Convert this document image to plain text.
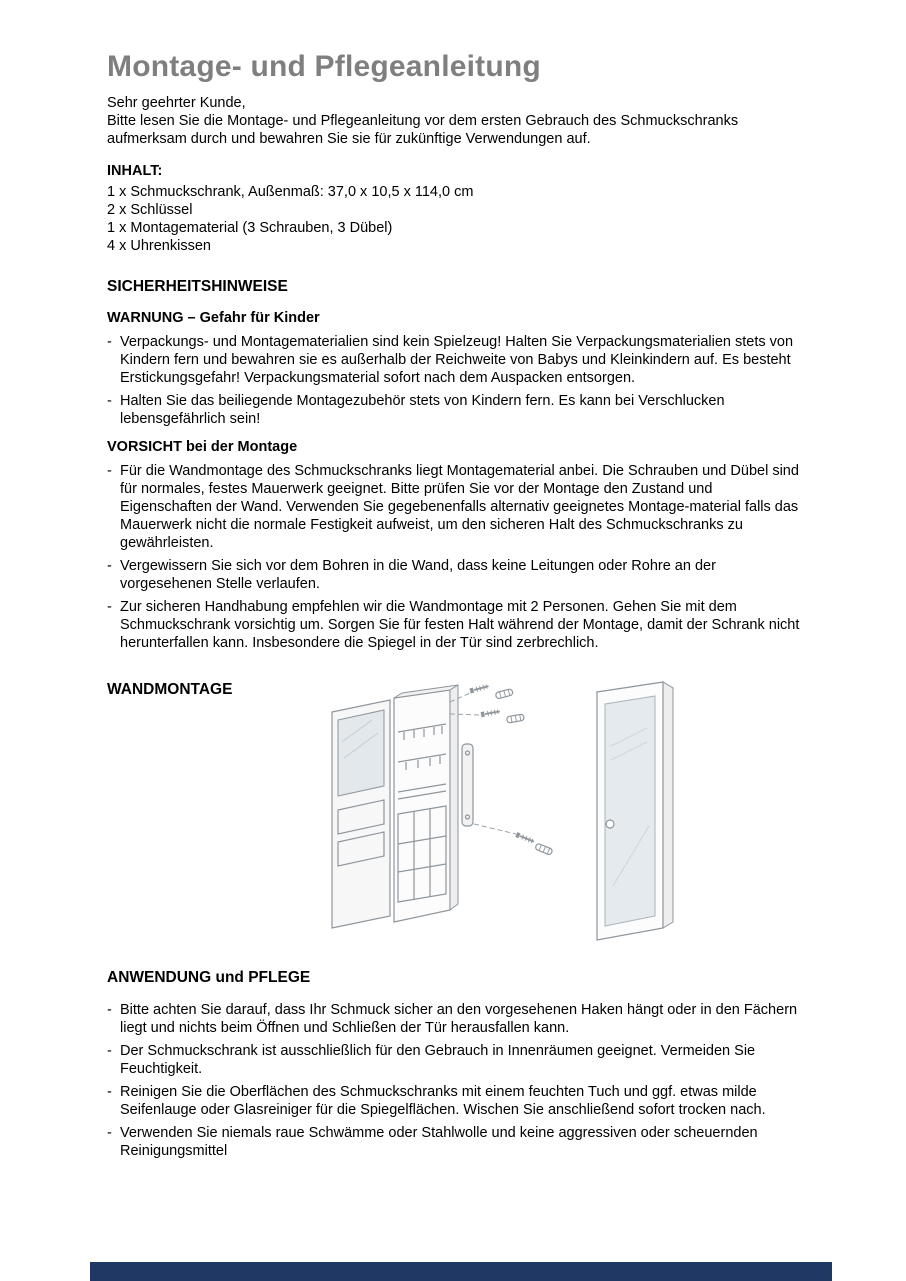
Montage- und Pflegeanleitung
Sehr geehrter Kunde,
Bitte lesen Sie die Montage- und Pflegeanleitung vor dem ersten Gebrauch des Schmuckschranks aufmerksam durch und bewahren Sie sie für zukünftige Verwendungen auf.
INHALT:
1 x Schmuckschrank, Außenmaß: 37,0 x 10,5 x 114,0 cm
2 x Schlüssel
1 x Montagematerial (3 Schrauben, 3 Dübel)
4 x Uhrenkissen
SICHERHEITSHINWEISE
WARNUNG – Gefahr für Kinder
- Verpackungs- und Montagematerialien sind kein Spielzeug! Halten Sie Verpackungsmaterialien stets von Kindern fern und bewahren sie es außerhalb der Reichweite von Babys und Kleinkindern auf. Es besteht Erstickungsgefahr! Verpackungsmaterial sofort nach dem Auspacken entsorgen.
- Halten Sie das beiliegende Montagezubehör stets von Kindern fern. Es kann bei Verschlucken lebensgefährlich sein!
VORSICHT bei der Montage
- Für die Wandmontage des Schmuckschranks liegt Montagematerial anbei. Die Schrauben und Dübel sind für normales, festes Mauerwerk geeignet. Bitte prüfen Sie vor der Montage den Zustand und Eigenschaften der Wand. Verwenden Sie gegebenenfalls alternativ geeignetes Montage-material falls das Mauerwerk nicht die normale Festigkeit aufweist, um den sicheren Halt des Schmuckschranks zu gewährleisten.
- Vergewissern Sie sich vor dem Bohren in die Wand, dass keine Leitungen oder Rohre an der vorgesehenen Stelle verlaufen.
- Zur sicheren Handhabung empfehlen wir die Wandmontage mit 2 Personen. Gehen Sie mit dem Schmuckschrank vorsichtig um. Sorgen Sie für festen Halt während der Montage, damit der Schrank nicht herunterfallen kann. Insbesondere die Spiegel in der Tür sind zerbrechlich.
WANDMONTAGE
ANWENDUNG und PFLEGE
- Bitte achten Sie darauf, dass Ihr Schmuck sicher an den vorgesehenen Haken hängt oder in den Fächern liegt und nichts beim Öffnen und Schließen der Tür herausfallen kann.
- Der Schmuckschrank ist ausschließlich für den Gebrauch in Innenräumen geeignet. Vermeiden Sie Feuchtigkeit.
- Reinigen Sie die Oberflächen des Schmuckschranks mit einem feuchten Tuch und ggf. etwas milde Seifenlauge oder Glasreiniger für die Spiegelflächen. Wischen Sie anschließend sofort trocken nach.
- Verwenden Sie niemals raue Schwämme oder Stahlwolle und keine aggressiven oder scheuernden Reinigungsmittel
